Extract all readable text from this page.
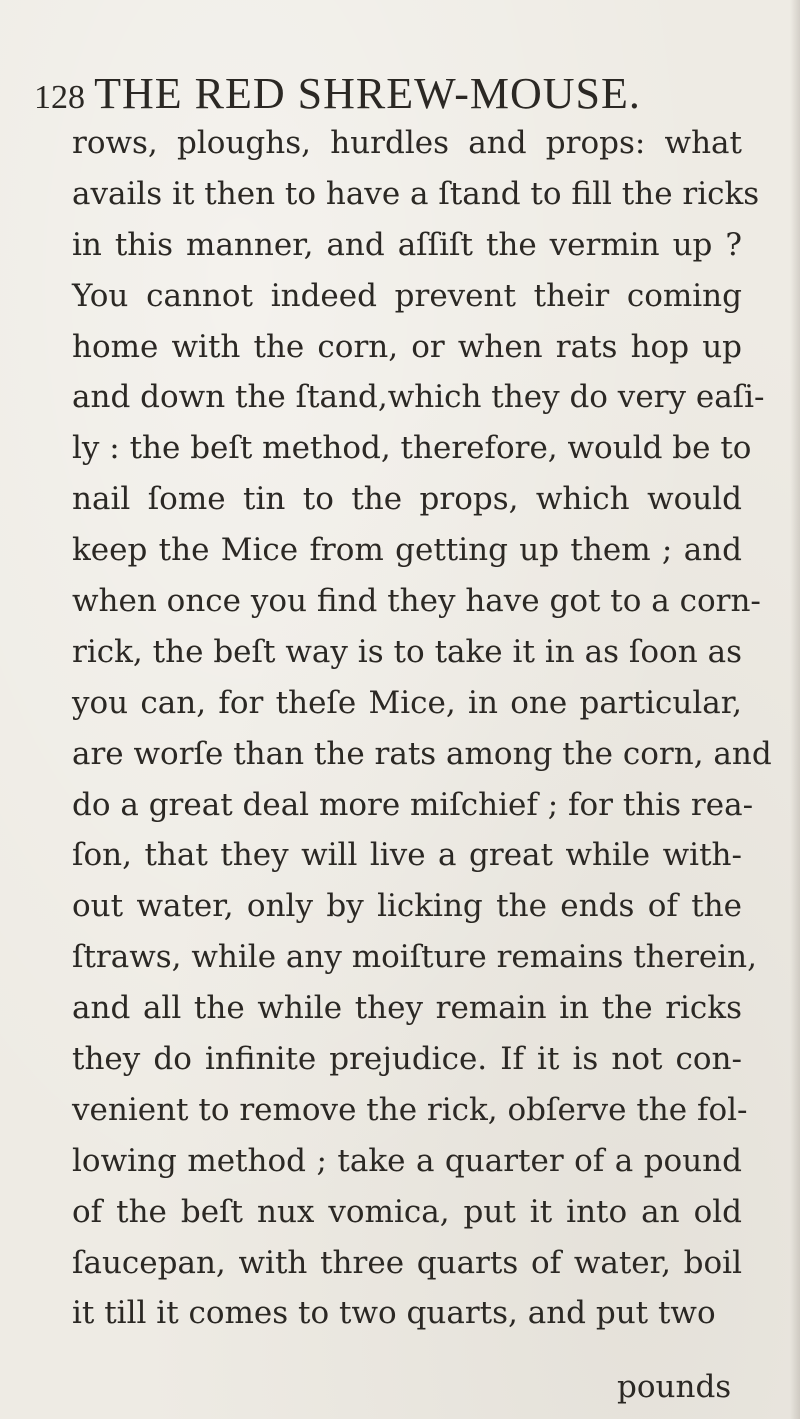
128 THE RED SHREW-MOUSE.
rows, ploughs, hurdles and props: what
avails it then to have a ſtand to fill the ricks
in this manner, and aſſiſt the vermin up ?
You cannot indeed prevent their coming
home with the corn, or when rats hop up
and down the ſtand,which they do very eaſi-
ly : the beſt method, therefore, would be to
nail ſome tin to the props, which would
keep the Mice from getting up them ; and
when once you find they have got to a corn-
rick, the beſt way is to take it in as ſoon as
you can, for theſe Mice, in one particular,
are worſe than the rats among the corn, and
do a great deal more miſchief ; for this rea-
ſon, that they will live a great while with-
out water, only by licking the ends of the
ſtraws, while any moiſture remains therein,
and all the while they remain in the ricks
they do infinite prejudice. If it is not con-
venient to remove the rick, obſerve the fol-
lowing method ; take a quarter of a pound
of the beſt nux vomica, put it into an old
ſaucepan, with three quarts of water, boil
it till it comes to two quarts, and put two
pounds
